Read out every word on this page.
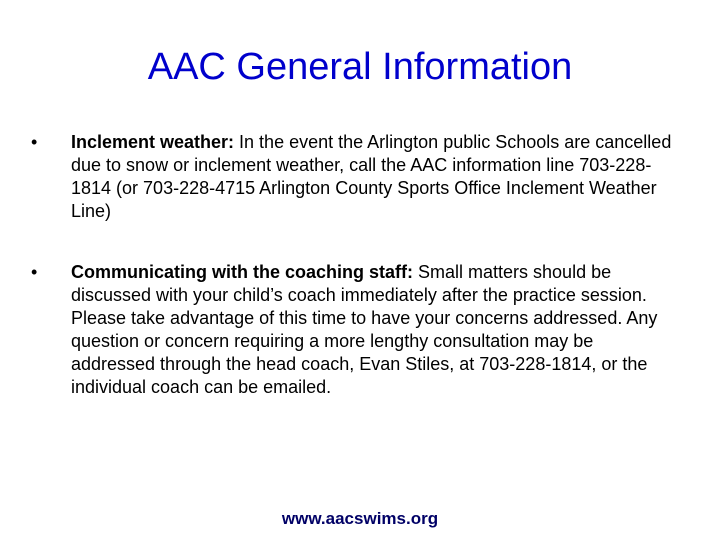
AAC General Information
•	Inclement weather: In the event the Arlington public Schools are cancelled due to snow or inclement weather, call the AAC information line 703-228-1814 (or 703-228-4715 Arlington County Sports Office Inclement Weather Line)
•	Communicating with the coaching staff: Small matters should be discussed with your child’s coach immediately after the practice session. Please take advantage of this time to have your concerns addressed. Any question or concern requiring a more lengthy consultation may be addressed through the head coach, Evan Stiles, at 703-228-1814, or the individual coach can be emailed.
www.aacswims.org
